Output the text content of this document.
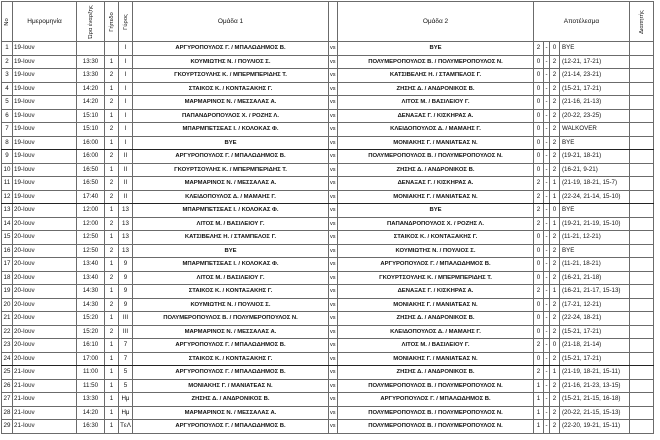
Νο	Ημερομηνία	Ώρα έναρξης	Γήπεδο	Γύρος	Ομάδα 1		Ομάδα 2	Αποτέλεσμα				Διαιτητής

1	19-Ιουν			I	ΑΡΓΥΡΟΠΟΥΛΟΣ Γ. / ΜΠΑΛΩΔΗΜΟΣ Β.	vs	BYE	2	-	0	BYE	
2	19-Ιουν	13:30	1	I	ΚΟΥΜΙΩΤΗΣ Ν. / ΠΟΥΛΙΟΣ Σ.	vs	ΠΟΛΥΜΕΡΟΠΟΥΛΟΣ Β. / ΠΟΛΥΜΕΡΟΠΟΥΛΟΣ Ν.	0	-	2	(12-21, 17-21)	
3	19-Ιουν	13:30	2	I	ΓΚΟΥΡΤΣΟΥΛΗΣ Κ. / ΜΠΕΡΜΠΕΡΙΔΗΣ Τ.	vs	ΚΑΤΣΙΒΕΛΗΣ Η. / ΣΤΑΜΠΕΛΟΣ Γ.	0	-	2	(21-14, 23-21)	
4	19-Ιουν	14:20	1	I	ΣΤΑΙΚΟΣ Κ. / ΚΟΝΤΑΞΑΚΗΣ Γ.	vs	ΖΗΣΗΣ Δ. / ΑΝΔΡΟΝΙΚΟΣ Β.	0	-	2	(15-21, 17-21)	
5	19-Ιουν	14:20	2	I	ΜΑΡΜΑΡΙΝΟΣ Ν. / ΜΕΣΣΑΛΑΣ Α.	vs	ΛΙΤΟΣ Μ. / ΒΑΣΙΛΕΙΟΥ Γ.	0	-	2	(21-16, 21-13)	
6	19-Ιουν	15:10	1	I	ΠΑΠΑΝΔΡΟΠΟΥΛΟΣ Χ. / ΡΟΖΗΣ Λ.	vs	ΔΕΝΑΞΑΣ Γ. / ΚΙΣΚΗΡΑΣ Α.	0	-	2	(20-22, 23-25)	
7	19-Ιουν	15:10	2	I	ΜΠΑΡΜΠΕΤΣΕΑΣ Ι. / ΚΟΛΟΚΑΣ Φ.	vs	ΚΛΕΙΔΟΠΟΥΛΟΣ Δ. / ΜΑΜΑΗΣ Γ.	0	-	2	WALKOVER	
8	19-Ιουν	16:00	1	I	BYE	vs	ΜΟΝΙΑΚΗΣ Γ. / ΜΑΝΙΑΤΕΑΣ Ν.	0	-	2	BYE	
9	19-Ιουν	16:00	2	II	ΑΡΓΥΡΟΠΟΥΛΟΣ Γ. / ΜΠΑΛΩΔΗΜΟΣ Β.	vs	ΠΟΛΥΜΕΡΟΠΟΥΛΟΣ Β. / ΠΟΛΥΜΕΡΟΠΟΥΛΟΣ Ν.	0	-	2	(19-21, 18-21)	
10	19-Ιουν	16:50	1	II	ΓΚΟΥΡΤΣΟΥΛΗΣ Κ. / ΜΠΕΡΜΠΕΡΙΔΗΣ Τ.	vs	ΖΗΣΗΣ Δ. / ΑΝΔΡΟΝΙΚΟΣ Β.	0	-	2	(16-21, 9-21)	
11	19-Ιουν	16:50	2	II	ΜΑΡΜΑΡΙΝΟΣ Ν. / ΜΕΣΣΑΛΑΣ Α.	vs	ΔΕΝΑΞΑΣ Γ. / ΚΙΣΚΗΡΑΣ Α.	2	-	1	(21-19, 18-21, 15-7)	
12	19-Ιουν	17:40	2	II	ΚΛΕΙΔΟΠΟΥΛΟΣ Δ. / ΜΑΜΑΗΣ Γ.	vs	ΜΟΝΙΑΚΗΣ Γ. / ΜΑΝΙΑΤΕΑΣ Ν.	2	-	1	(22-24, 21-14, 15-10)	
13	20-Ιουν	12:00	1	13	ΜΠΑΡΜΠΕΤΣΕΑΣ Ι. / ΚΟΛΟΚΑΣ Φ.	vs	BYE	2	-	0	BYE	
14	20-Ιουν	12:00	2	13	ΛΙΤΟΣ Μ. / ΒΑΣΙΛΕΙΟΥ Γ.	vs	ΠΑΠΑΝΔΡΟΠΟΥΛΟΣ Χ. / ΡΟΖΗΣ Λ.	2	-	1	(19-21, 21-19, 15-10)	
15	20-Ιουν	12:50	1	13	ΚΑΤΣΙΒΕΛΗΣ Η. / ΣΤΑΜΠΕΛΟΣ Γ.	vs	ΣΤΑΙΚΟΣ Κ. / ΚΟΝΤΑΞΑΚΗΣ Γ.	0	-	2	(11-21, 12-21)	
16	20-Ιουν	12:50	2	13	BYE	vs	ΚΟΥΜΙΩΤΗΣ Ν. / ΠΟΥΛΙΟΣ Σ.	0	-	2	BYE	
17	20-Ιουν	13:40	1	9	ΜΠΑΡΜΠΕΤΣΕΑΣ Ι. / ΚΟΛΟΚΑΣ Φ.	vs	ΑΡΓΥΡΟΠΟΥΛΟΣ Γ. / ΜΠΑΛΩΔΗΜΟΣ Β.	0	-	2	(11-21, 18-21)	
18	20-Ιουν	13:40	2	9	ΛΙΤΟΣ Μ. / ΒΑΣΙΛΕΙΟΥ Γ.	vs	ΓΚΟΥΡΤΣΟΥΛΗΣ Κ. / ΜΠΕΡΜΠΕΡΙΔΗΣ Τ.	0	-	2	(16-21, 21-18)	
19	20-Ιουν	14:30	1	9	ΣΤΑΙΚΟΣ Κ. / ΚΟΝΤΑΞΑΚΗΣ Γ.	vs	ΔΕΝΑΞΑΣ Γ. / ΚΙΣΚΗΡΑΣ Α.	2	-	1	(16-21, 21-17, 15-13)	
20	20-Ιουν	14:30	2	9	ΚΟΥΜΙΩΤΗΣ Ν. / ΠΟΥΛΙΟΣ Σ.	vs	ΜΟΝΙΑΚΗΣ Γ. / ΜΑΝΙΑΤΕΑΣ Ν.	0	-	2	(17-21, 12-21)	
21	20-Ιουν	15:20	1	III	ΠΟΛΥΜΕΡΟΠΟΥΛΟΣ Β. / ΠΟΛΥΜΕΡΟΠΟΥΛΟΣ Ν.	vs	ΖΗΣΗΣ Δ. / ΑΝΔΡΟΝΙΚΟΣ Β.	0	-	2	(22-24, 18-21)	
22	20-Ιουν	15:20	2	III	ΜΑΡΜΑΡΙΝΟΣ Ν. / ΜΕΣΣΑΛΑΣ Α.	vs	ΚΛΕΙΔΟΠΟΥΛΟΣ Δ. / ΜΑΜΑΗΣ Γ.	0	-	2	(15-21, 17-21)	
23	20-Ιουν	16:10	1	7	ΑΡΓΥΡΟΠΟΥΛΟΣ Γ. / ΜΠΑΛΩΔΗΜΟΣ Β.	vs	ΛΙΤΟΣ Μ. / ΒΑΣΙΛΕΙΟΥ Γ.	2	-	0	(21-18, 21-14)	
24	20-Ιουν	17:00	1	7	ΣΤΑΙΚΟΣ Κ. / ΚΟΝΤΑΞΑΚΗΣ Γ.	vs	ΜΟΝΙΑΚΗΣ Γ. / ΜΑΝΙΑΤΕΑΣ Ν.	0	-	2	(15-21, 17-21)	
25	21-Ιουν	11:00	1	5	ΑΡΓΥΡΟΠΟΥΛΟΣ Γ. / ΜΠΑΛΩΔΗΜΟΣ Β.	vs	ΖΗΣΗΣ Δ. / ΑΝΔΡΟΝΙΚΟΣ Β.	2	-	1	(21-19, 18-21, 15-11)	
26	21-Ιουν	11:50	1	5	ΜΟΝΙΑΚΗΣ Γ. / ΜΑΝΙΑΤΕΑΣ Ν.	vs	ΠΟΛΥΜΕΡΟΠΟΥΛΟΣ Β. / ΠΟΛΥΜΕΡΟΠΟΥΛΟΣ Ν.	1	-	2	(21-16, 21-23, 13-15)	
27	21-Ιουν	13:30	1	Hμ	ΖΗΣΗΣ Δ. / ΑΝΔΡΟΝΙΚΟΣ Β.	vs	ΑΡΓΥΡΟΠΟΥΛΟΣ Γ. / ΜΠΑΛΩΔΗΜΟΣ Β.	1	-	2	(15-21, 21-15, 16-18)	
28	21-Ιουν	14:20	1	Hμ	ΜΑΡΜΑΡΙΝΟΣ Ν. / ΜΕΣΣΑΛΑΣ Α.	vs	ΠΟΛΥΜΕΡΟΠΟΥΛΟΣ Β. / ΠΟΛΥΜΕΡΟΠΟΥΛΟΣ Ν.	1	-	2	(20-22, 21-15, 15-13)	
29	21-Ιουν	16:30	1	TεΛ	ΑΡΓΥΡΟΠΟΥΛΟΣ Γ. / ΜΠΑΛΩΔΗΜΟΣ Β.	vs	ΠΟΛΥΜΕΡΟΠΟΥΛΟΣ Β. / ΠΟΛΥΜΕΡΟΠΟΥΛΟΣ Ν.	1	-	2	(22-20, 19-21, 15-11)	
